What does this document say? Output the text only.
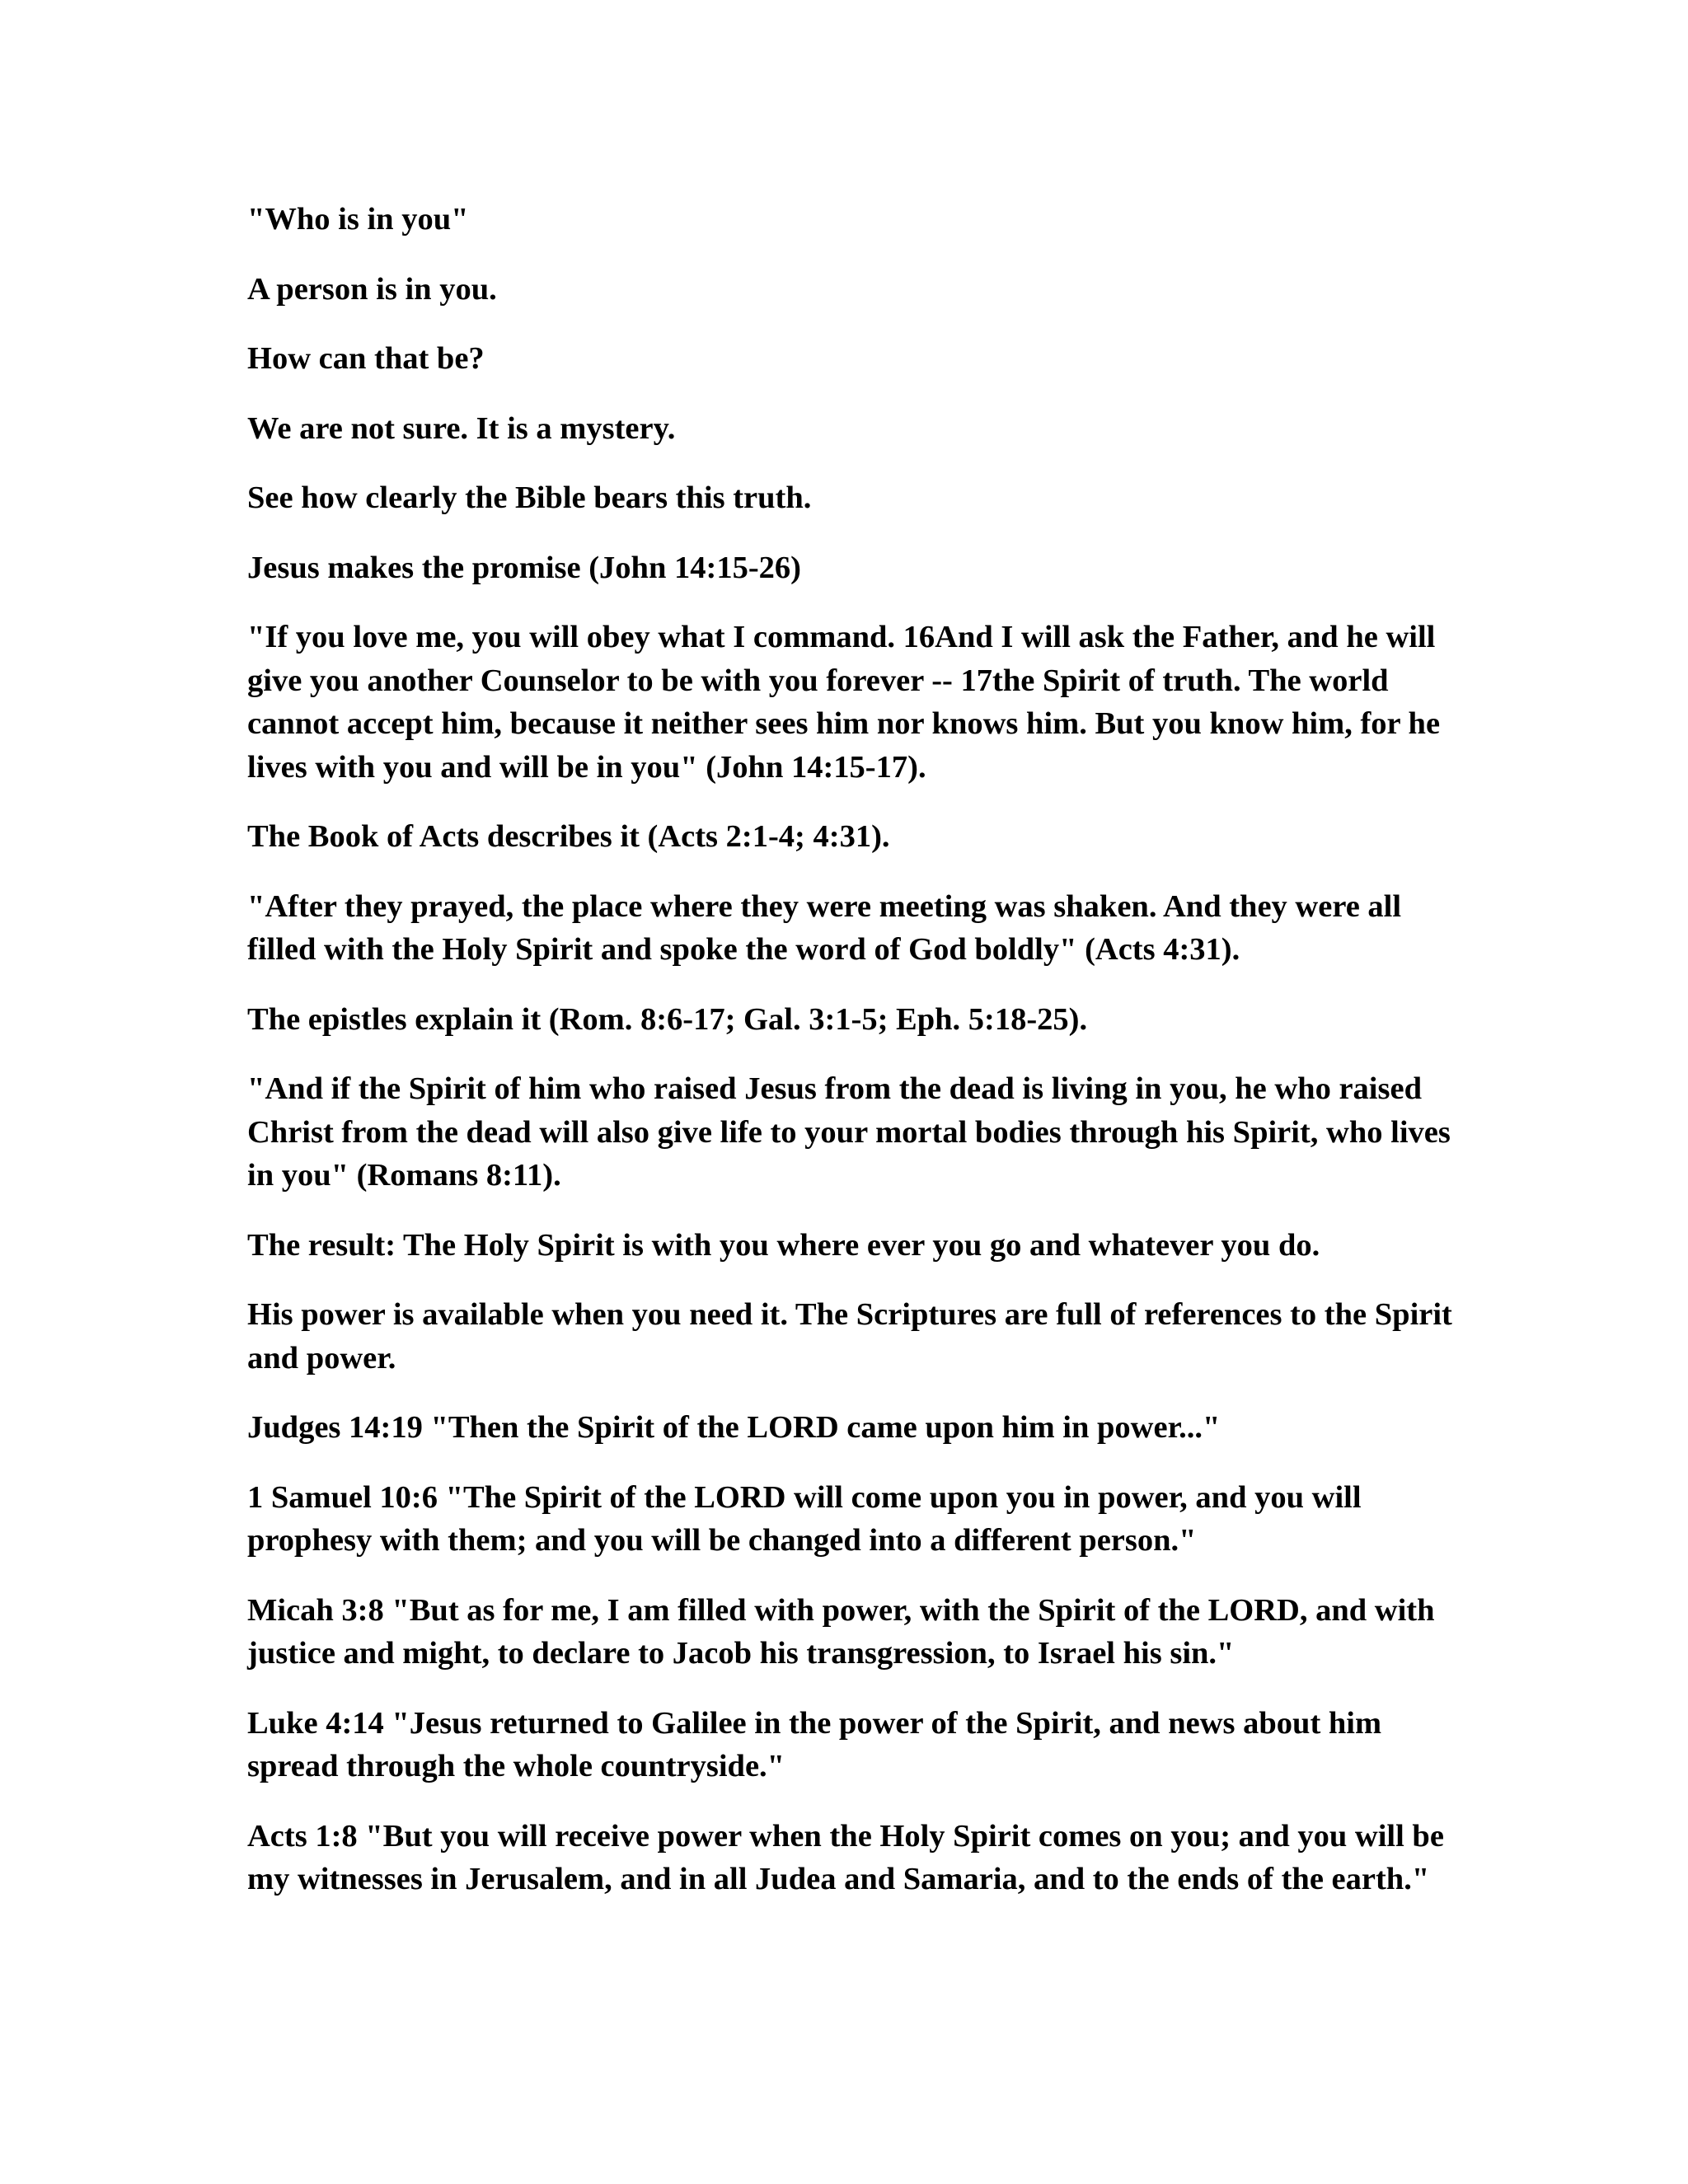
"Who is in you"

A person is in you.

How can that be?

We are not sure. It is a mystery.

See how clearly the Bible bears this truth.

Jesus makes the promise (John 14:15-26)

"If you love me, you will obey what I command. 16And I will ask the Father, and he will give you another Counselor to be with you forever -- 17the Spirit of truth. The world cannot accept him, because it neither sees him nor knows him. But you know him, for he lives with you and will be in you" (John 14:15-17).

The Book of Acts describes it (Acts 2:1-4; 4:31).

"After they prayed, the place where they were meeting was shaken. And they were all filled with the Holy Spirit and spoke the word of God boldly" (Acts 4:31).

The epistles explain it (Rom. 8:6-17; Gal. 3:1-5; Eph. 5:18-25).

"And if the Spirit of him who raised Jesus from the dead is living in you, he who raised Christ from the dead will also give life to your mortal bodies through his Spirit, who lives in you" (Romans 8:11).

The result: The Holy Spirit is with you where ever you go and whatever you do.

His power is available when you need it. The Scriptures are full of references to the Spirit and power.

Judges 14:19 "Then the Spirit of the LORD came upon him in power..."

1 Samuel 10:6 "The Spirit of the LORD will come upon you in power, and you will prophesy with them; and you will be changed into a different person."

Micah 3:8 "But as for me, I am filled with power, with the Spirit of the LORD, and with justice and might, to declare to Jacob his transgression, to Israel his sin."

Luke 4:14 "Jesus returned to Galilee in the power of the Spirit, and news about him spread through the whole countryside."

Acts 1:8 "But you will receive power when the Holy Spirit comes on you; and you will be my witnesses in Jerusalem, and in all Judea and Samaria, and to the ends of the earth."
